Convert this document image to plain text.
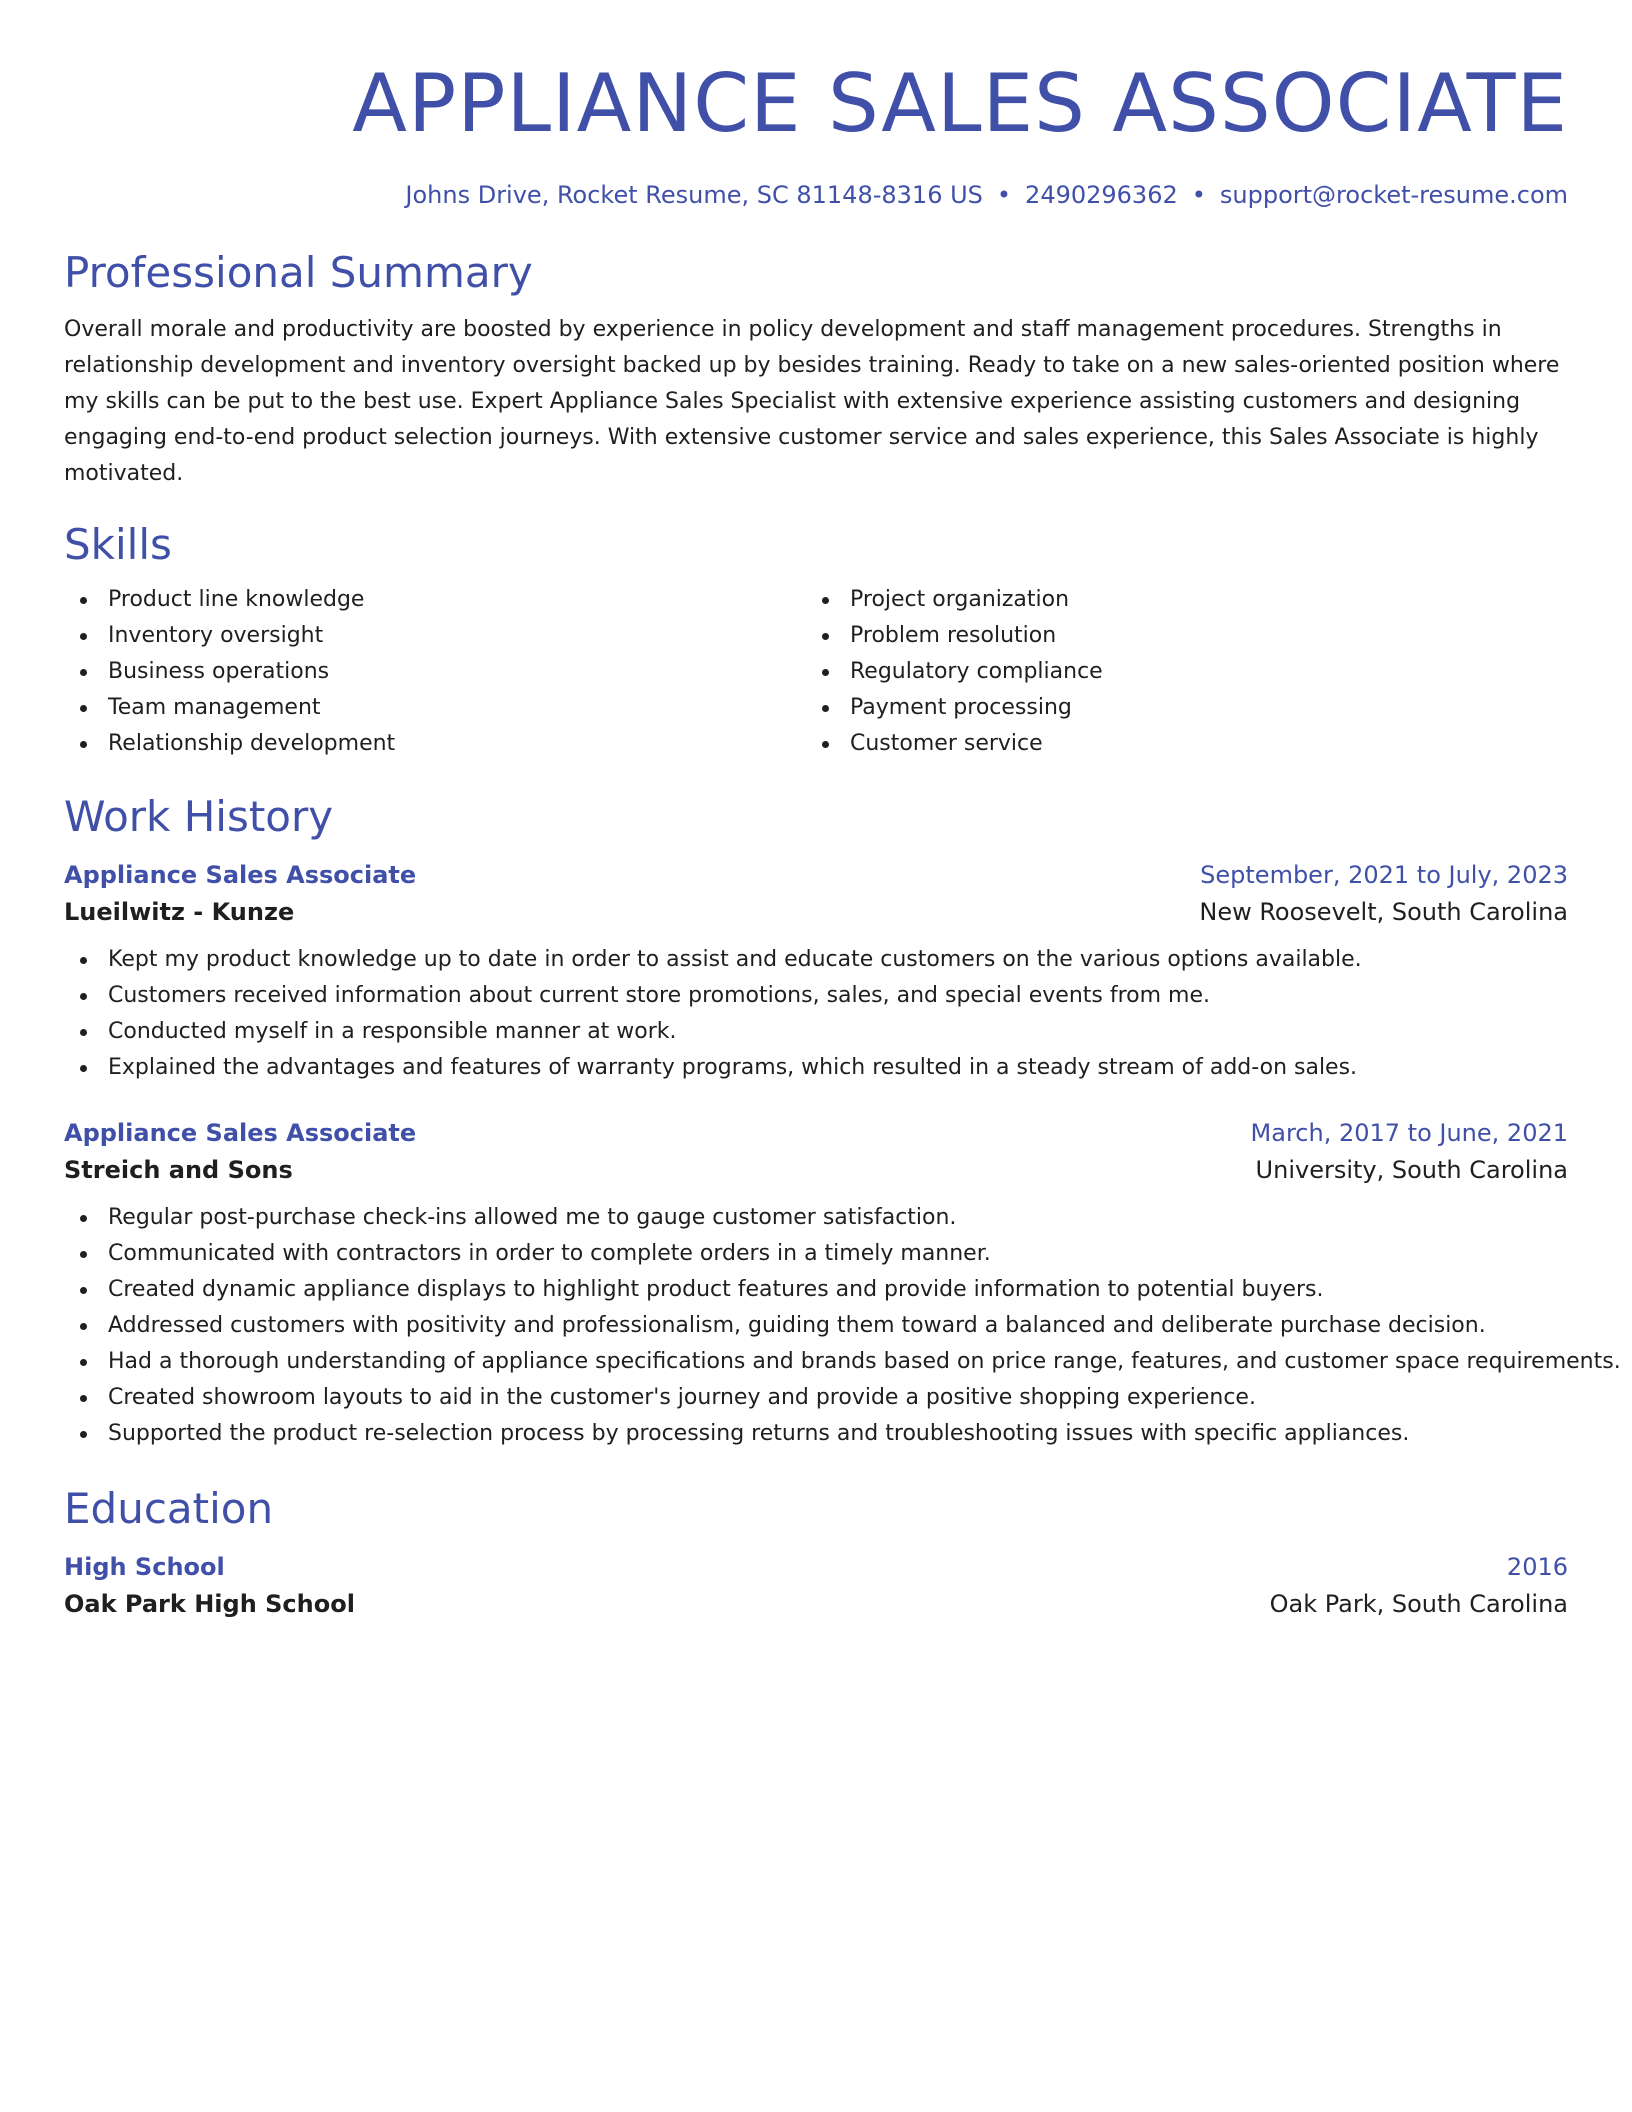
APPLIANCE SALES ASSOCIATE
Johns Drive, Rocket Resume, SC 81148-8316 US • 2490296362 • support@rocket-resume.com
Professional Summary
Overall morale and productivity are boosted by experience in policy development and staff management procedures. Strengths in relationship development and inventory oversight backed up by besides training. Ready to take on a new sales-oriented position where my skills can be put to the best use. Expert Appliance Sales Specialist with extensive experience assisting customers and designing engaging end-to-end product selection journeys. With extensive customer service and sales experience, this Sales Associate is highly motivated.
Skills
Product line knowledge
Inventory oversight
Business operations
Team management
Relationship development
Project organization
Problem resolution
Regulatory compliance
Payment processing
Customer service
Work History
Appliance Sales Associate	September, 2021 to July, 2023
Lueilwitz - Kunze	New Roosevelt, South Carolina
Kept my product knowledge up to date in order to assist and educate customers on the various options available.
Customers received information about current store promotions, sales, and special events from me.
Conducted myself in a responsible manner at work.
Explained the advantages and features of warranty programs, which resulted in a steady stream of add-on sales.
Appliance Sales Associate	March, 2017 to June, 2021
Streich and Sons	University, South Carolina
Regular post-purchase check-ins allowed me to gauge customer satisfaction.
Communicated with contractors in order to complete orders in a timely manner.
Created dynamic appliance displays to highlight product features and provide information to potential buyers.
Addressed customers with positivity and professionalism, guiding them toward a balanced and deliberate purchase decision.
Had a thorough understanding of appliance specifications and brands based on price range, features, and customer space requirements.
Created showroom layouts to aid in the customer's journey and provide a positive shopping experience.
Supported the product re-selection process by processing returns and troubleshooting issues with specific appliances.
Education
High School	2016
Oak Park High School	Oak Park, South Carolina
